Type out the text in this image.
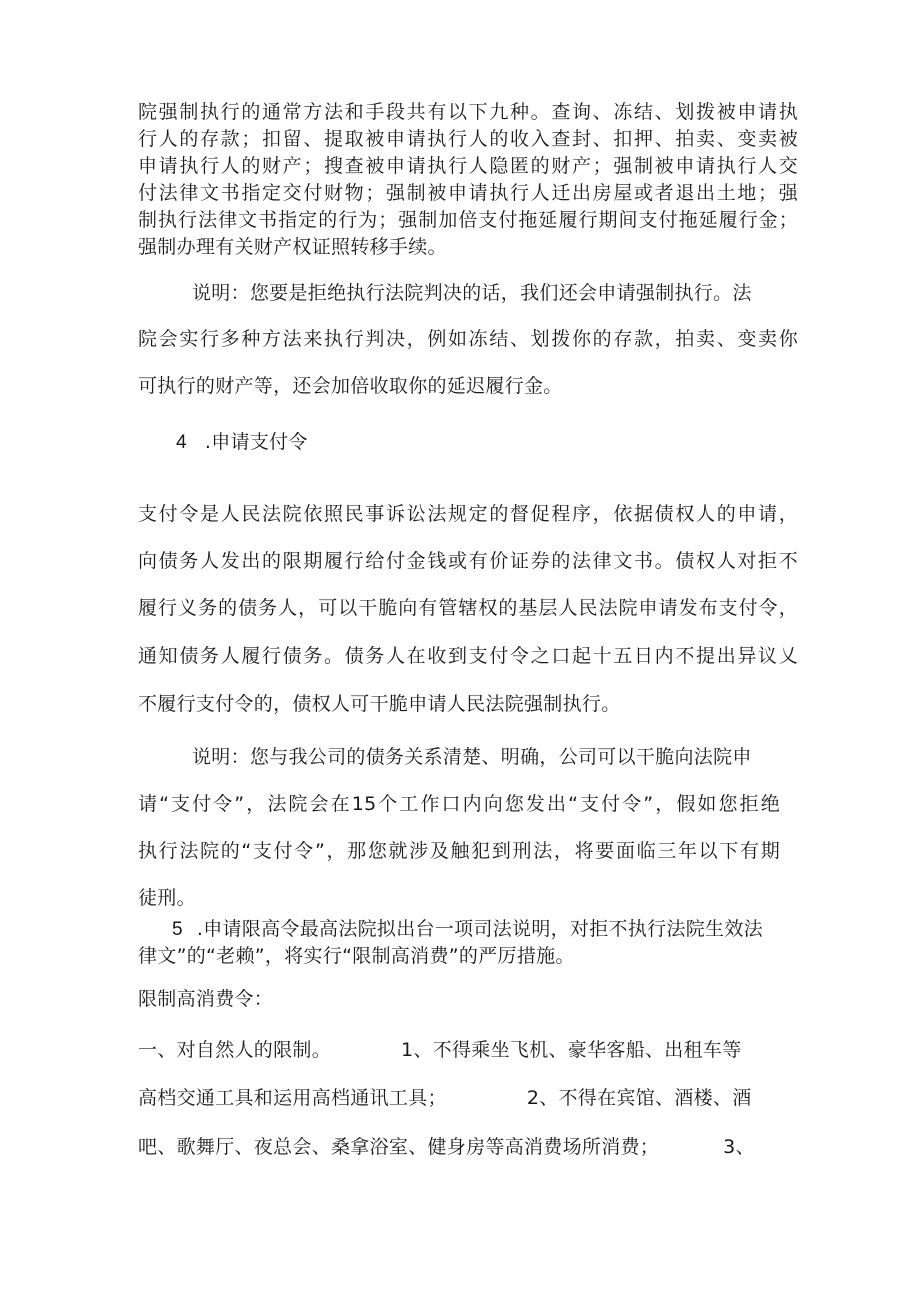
院强制执行的通常方法和手段共有以下九种。查询、冻结、划拨被申请执
行人的存款；扣留、提取被申请执行人的收入查封、扣押、拍卖、变卖被
申请执行人的财产；搜查被申请执行人隐匿的财产；强制被申请执行人交
付法律文书指定交付财物；强制被申请执行人迁出房屋或者退出土地；强
制执行法律文书指定的行为；强制加倍支付拖延履行期间支付拖延履行金；
强制办理有关财产权证照转移手续。
说明：您要是拒绝执行法院判决的话，我们还会申请强制执行。法
院会实行多种方法来执行判决，例如冻结、划拨你的存款，拍卖、变卖你
可执行的财产等，还会加倍收取你的延迟履行金。
4 .申请支付令
支付令是人民法院依照民事诉讼法规定的督促程序，依据债权人的申请，
向债务人发出的限期履行给付金钱或有价证券的法律文书。债权人对拒不
履行义务的债务人，可以干脆向有管辖权的基层人民法院申请发布支付令，
通知债务人履行债务。债务人在收到支付令之口起十五日内不提出异议乂
不履行支付令的，债权人可干脆申请人民法院强制执行。
说明：您与我公司的债务关系清楚、明确，公司可以干脆向法院申
请“支付令”，法院会在15个工作口内向您发出“支付令”，假如您拒绝
执行法院的“支付令”，那您就涉及触犯到刑法，将要面临三年以下有期
徒刑。
5 .申请限高令最高法院拟出台一项司法说明，对拒不执行法院生效法
律文”的“老赖”，将实行“限制高消费”的严厉措施。
限制高消费令：
一、对自然人的限制。	1、不得乘坐飞机、豪华客船、出租车等
高档交通工具和运用高档通讯工具；	2、不得在宾馆、酒楼、酒
吧、歌舞厅、夜总会、桑拿浴室、健身房等高消费场所消费；	3、
